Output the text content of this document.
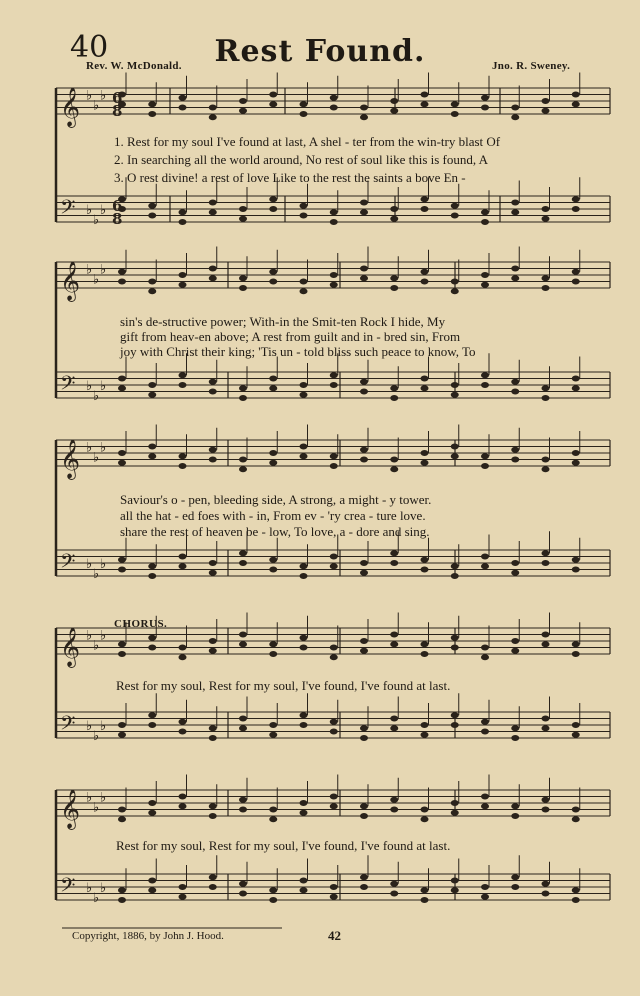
𝄞
𝄢
♭
♭
♭
♭
♭
♭
𝄞
𝄢
♭
♭
♭
♭
♭
♭
𝄞
𝄢
♭
♭
♭
♭
♭
♭
𝄞
𝄢
♭
♭
♭
♭
♭
♭
𝄞
𝄢
♭
♭
♭
♭
♭
♭
6
8
6
8
40	Rest Found.
Rev. W. McDonald.	Jno. R. Sweney.
1. Rest for my soul I've found at last, A shel - ter from the win-try blast Of
2. In searching all the world around, No rest of soul like this is found, A
3. O rest divine! a rest of love Like to the rest the saints a bove En -
sin's de-structive power; With-in the Smit-ten Rock I hide, My
gift from heav-en above; A rest from guilt and in - bred sin, From
joy with Christ their king; 'Tis un - told bliss such peace to know, To
Saviour's o - pen, bleeding side, A strong, a might - y tower.
all the hat - ed foes with - in, From ev - 'ry crea - ture love.
share the rest of heaven be - low, To love, a - dore and sing.
CHORUS.
Rest for my soul, Rest for my soul, I've found, I've found at last.
Rest for my soul, Rest for my soul, I've found, I've found at last.
Copyright, 1886, by John J. Hood.	42
